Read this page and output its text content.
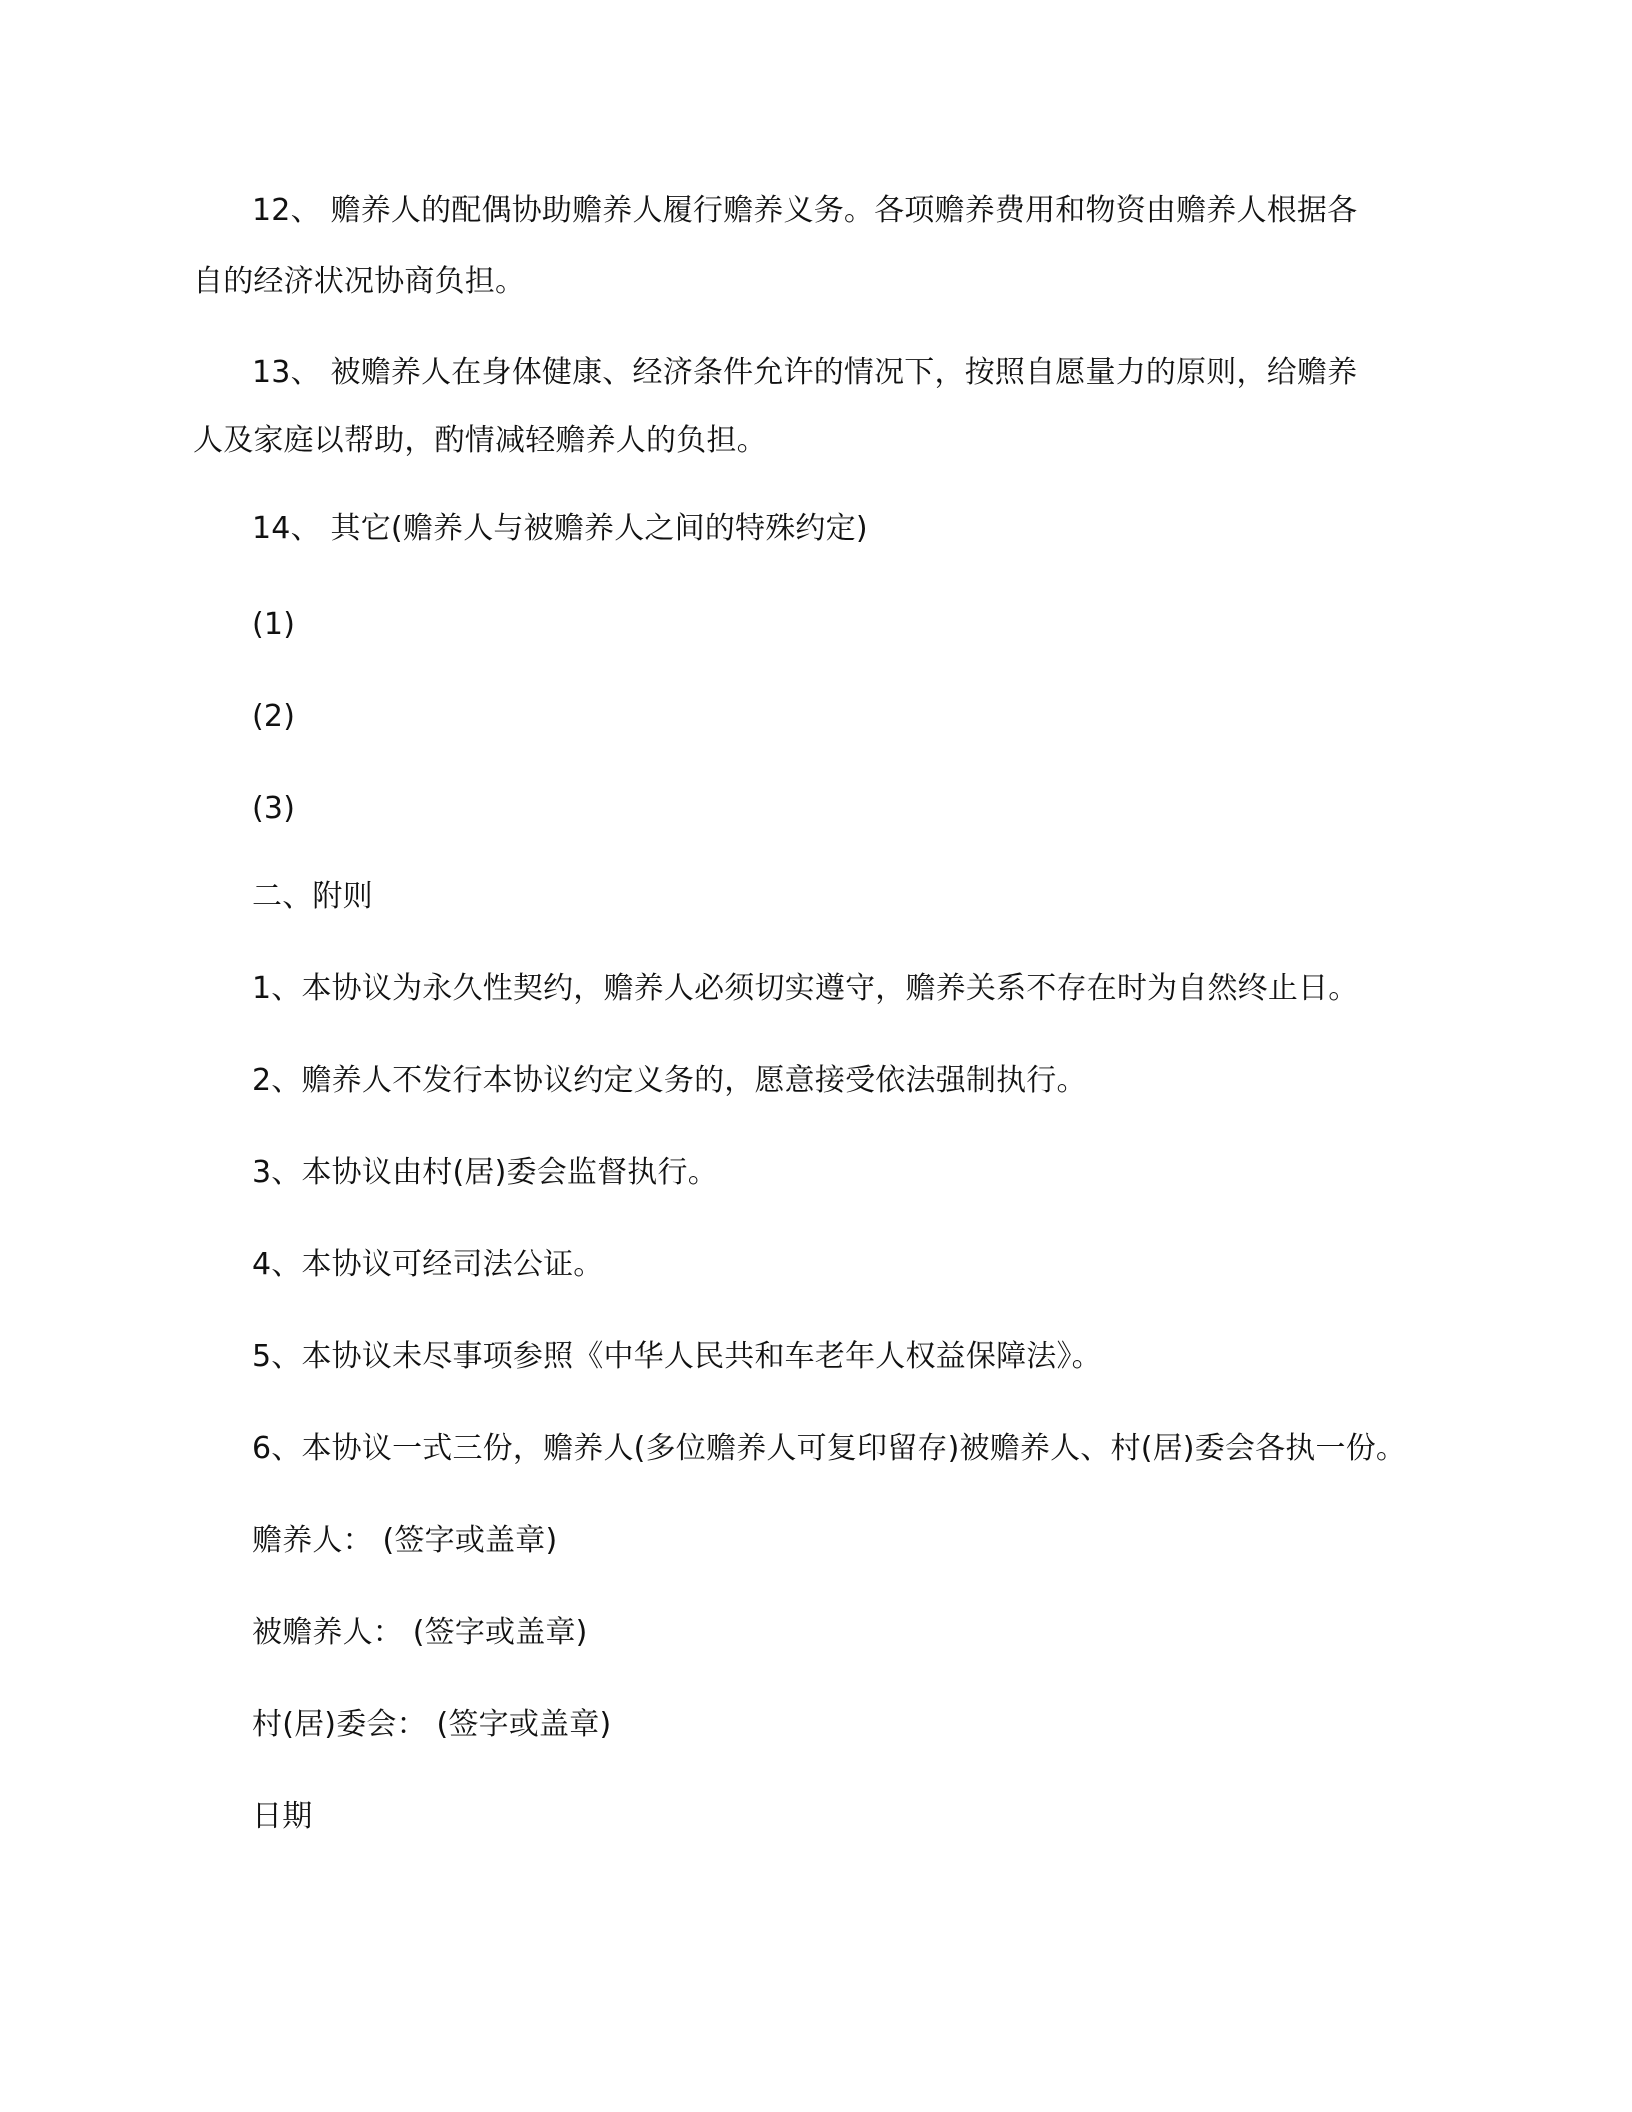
12、 赡养人的配偶协助赡养人履行赡养义务。各项赡养费用和物资由赡养人根据各

自的经济状况协商负担。

13、 被赡养人在身体健康、经济条件允许的情况下，按照自愿量力的原则，给赡养

人及家庭以帮助，酌情减轻赡养人的负担。

14、 其它(赡养人与被赡养人之间的特殊约定)

(1)

(2)

(3)

二、附则

1、本协议为永久性契约，赡养人必须切实遵守，赡养关系不存在时为自然终止日。

2、赡养人不发行本协议约定义务的，愿意接受依法强制执行。

3、本协议由村(居)委会监督执行。

4、本协议可经司法公证。

5、本协议未尽事项参照《中华人民共和车老年人权益保障法》。

6、本协议一式三份，赡养人(多位赡养人可复印留存)被赡养人、村(居)委会各执一份。

赡养人： (签字或盖章)

被赡养人： (签字或盖章)

村(居)委会： (签字或盖章)

日期
